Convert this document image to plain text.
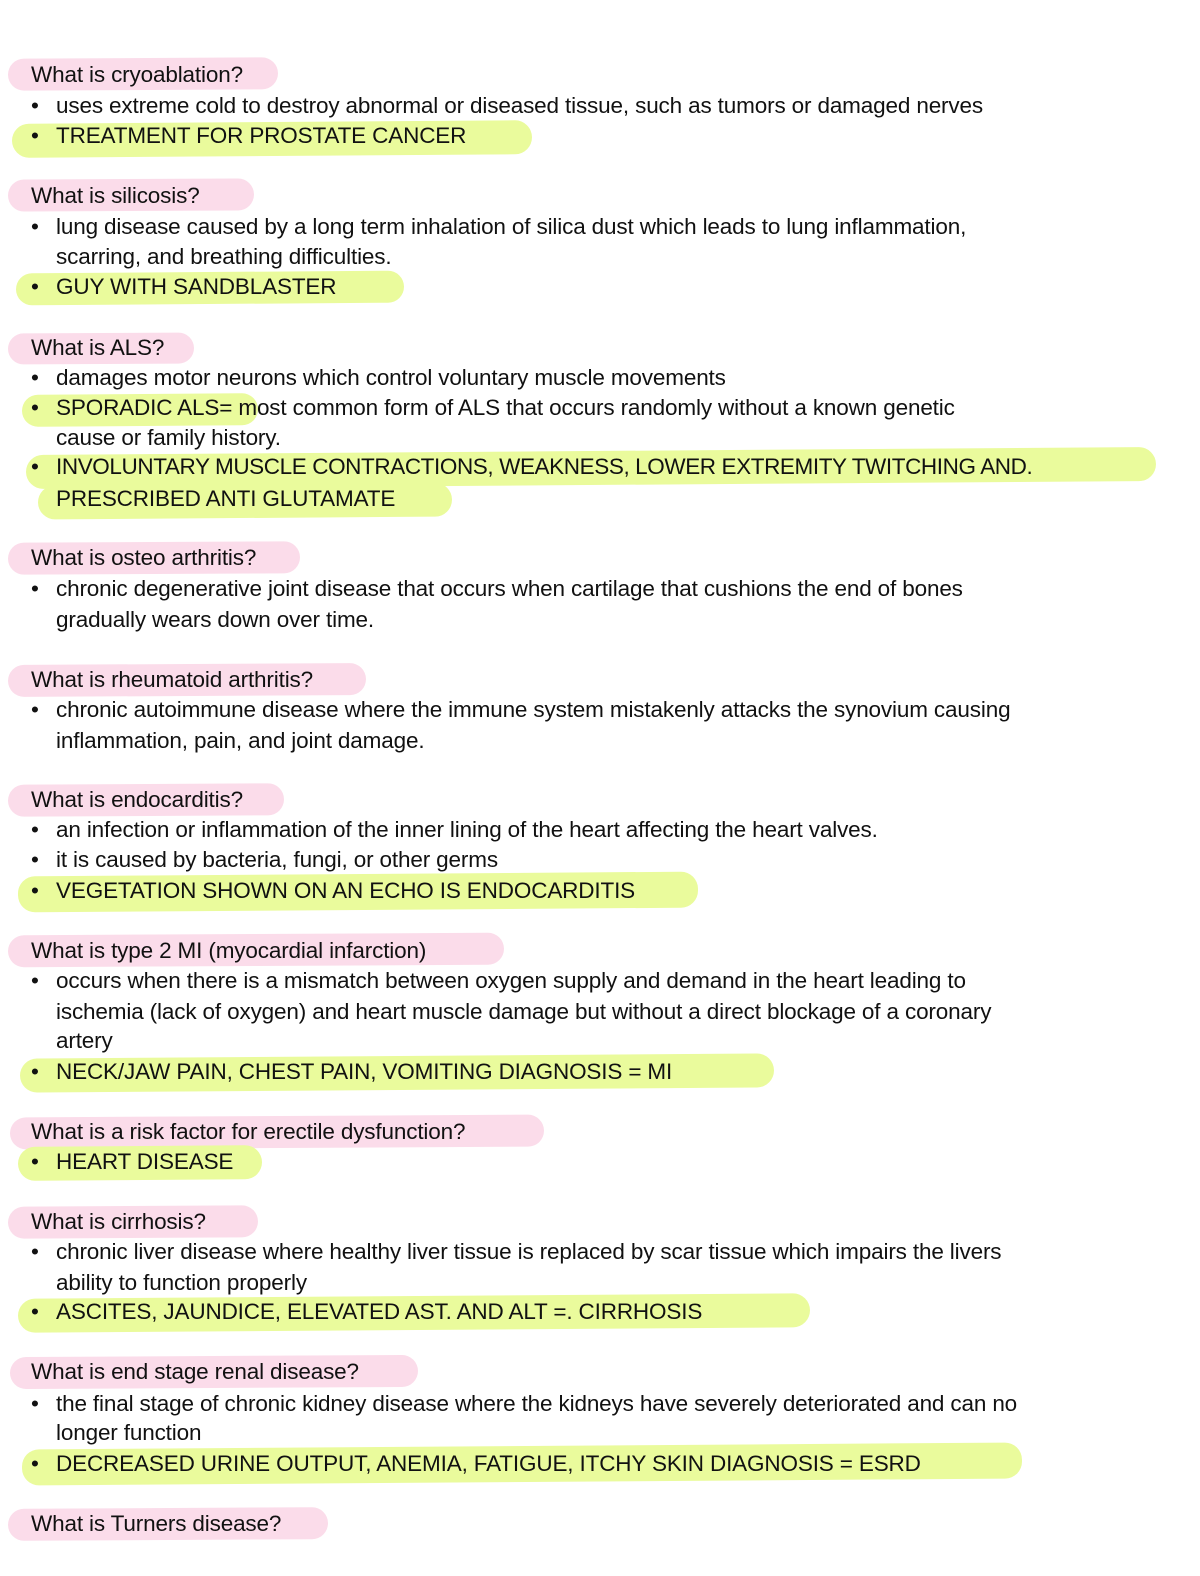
What is cryoablation?
• uses extreme cold to destroy abnormal or diseased tissue, such as tumors or damaged nerves
• TREATMENT FOR PROSTATE CANCER
What is silicosis?
• lung disease caused by a long term inhalation of silica dust which leads to lung inflammation,
scarring, and breathing difficulties.
• GUY WITH SANDBLASTER
What is ALS?
• damages motor neurons which control voluntary muscle movements
• SPORADIC ALS= most common form of ALS that occurs randomly without a known genetic
cause or family history.
• INVOLUNTARY MUSCLE CONTRACTIONS, WEAKNESS, LOWER EXTREMITY TWITCHING AND.
PRESCRIBED ANTI GLUTAMATE
What is osteo arthritis?
• chronic degenerative joint disease that occurs when cartilage that cushions the end of bones
gradually wears down over time.
What is rheumatoid arthritis?
• chronic autoimmune disease where the immune system mistakenly attacks the synovium causing
inflammation, pain, and joint damage.
What is endocarditis?
• an infection or inflammation of the inner lining of the heart affecting the heart valves.
• it is caused by bacteria, fungi, or other germs
• VEGETATION SHOWN ON AN ECHO IS ENDOCARDITIS
What is type 2 MI (myocardial infarction)
• occurs when there is a mismatch between oxygen supply and demand in the heart leading to
ischemia (lack of oxygen) and heart muscle damage but without a direct blockage of a coronary
artery
• NECK/JAW PAIN, CHEST PAIN, VOMITING DIAGNOSIS = MI
What is a risk factor for erectile dysfunction?
• HEART DISEASE
What is cirrhosis?
• chronic liver disease where healthy liver tissue is replaced by scar tissue which impairs the livers
ability to function properly
• ASCITES, JAUNDICE, ELEVATED AST. AND ALT =. CIRRHOSIS
What is end stage renal disease?
• the final stage of chronic kidney disease where the kidneys have severely deteriorated and can no
longer function
• DECREASED URINE OUTPUT, ANEMIA, FATIGUE, ITCHY SKIN DIAGNOSIS = ESRD
What is Turners disease?
